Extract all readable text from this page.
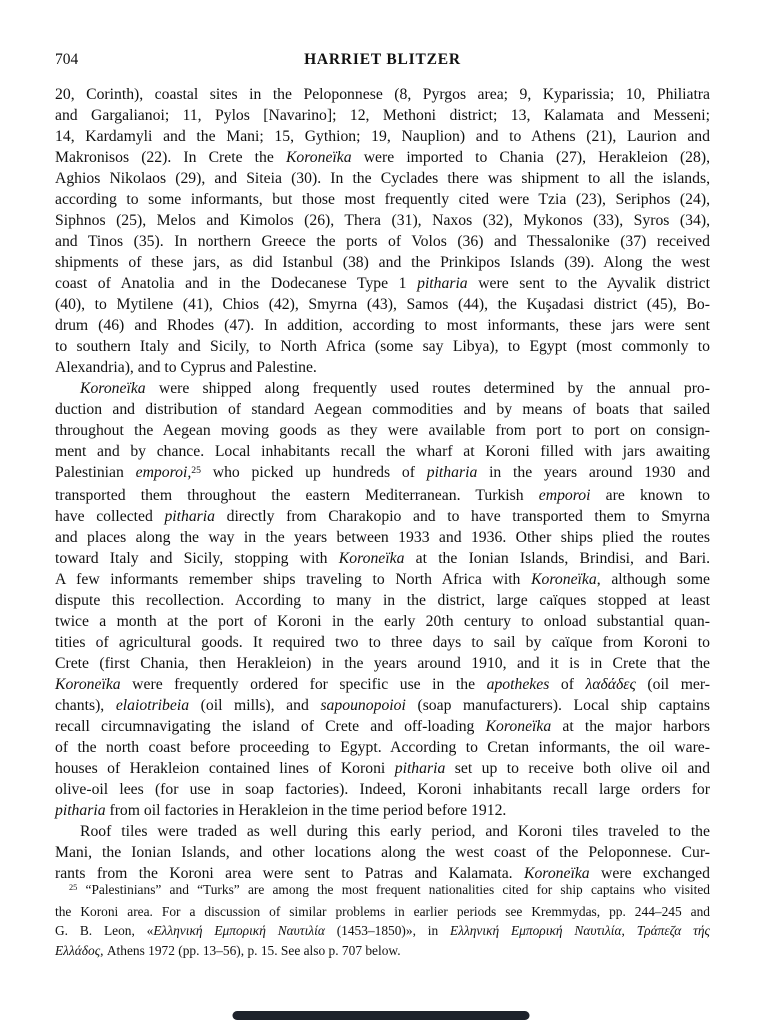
704	HARRIET BLITZER
20, Corinth), coastal sites in the Peloponnese (8, Pyrgos area; 9, Kyparissia; 10, Philiatra
and Gargalianoi; 11, Pylos [Navarino]; 12, Methoni district; 13, Kalamata and Messeni;
14, Kardamyli and the Mani; 15, Gythion; 19, Nauplion) and to Athens (21), Laurion and
Makronisos (22). In Crete the Koroneïka were imported to Chania (27), Herakleion (28),
Aghios Nikolaos (29), and Siteia (30). In the Cyclades there was shipment to all the islands,
according to some informants, but those most frequently cited were Tzia (23), Seriphos (24),
Siphnos (25), Melos and Kimolos (26), Thera (31), Naxos (32), Mykonos (33), Syros (34),
and Tinos (35). In northern Greece the ports of Volos (36) and Thessalonike (37) received
shipments of these jars, as did Istanbul (38) and the Prinkipos Islands (39). Along the west
coast of Anatolia and in the Dodecanese Type 1 pitharia were sent to the Ayvalik district
(40), to Mytilene (41), Chios (42), Smyrna (43), Samos (44), the Kuşadasi district (45), Bo-
drum (46) and Rhodes (47). In addition, according to most informants, these jars were sent
to southern Italy and Sicily, to North Africa (some say Libya), to Egypt (most commonly to
Alexandria), and to Cyprus and Palestine.
Koroneïka were shipped along frequently used routes determined by the annual pro-
duction and distribution of standard Aegean commodities and by means of boats that sailed
throughout the Aegean moving goods as they were available from port to port on consign-
ment and by chance. Local inhabitants recall the wharf at Koroni filled with jars awaiting
Palestinian emporoi,$^{25}$ who picked up hundreds of pitharia in the years around 1930 and
transported them throughout the eastern Mediterranean. Turkish emporoi are known to
have collected pitharia directly from Charakopio and to have transported them to Smyrna
and places along the way in the years between 1933 and 1936. Other ships plied the routes
toward Italy and Sicily, stopping with Koroneïka at the Ionian Islands, Brindisi, and Bari.
A few informants remember ships traveling to North Africa with Koroneïka, although some
dispute this recollection. According to many in the district, large caïques stopped at least
twice a month at the port of Koroni in the early 20th century to onload substantial quan-
tities of agricultural goods. It required two to three days to sail by caïque from Koroni to
Crete (first Chania, then Herakleion) in the years around 1910, and it is in Crete that the
Koroneïka were frequently ordered for specific use in the apothekes of λαδάδες (oil mer-
chants), elaiotribeia (oil mills), and sapounopoioi (soap manufacturers). Local ship captains
recall circumnavigating the island of Crete and off-loading Koroneïka at the major harbors
of the north coast before proceeding to Egypt. According to Cretan informants, the oil ware-
houses of Herakleion contained lines of Koroni pitharia set up to receive both olive oil and
olive-oil lees (for use in soap factories). Indeed, Koroni inhabitants recall large orders for
pitharia from oil factories in Herakleion in the time period before 1912.
Roof tiles were traded as well during this early period, and Koroni tiles traveled to the
Mani, the Ionian Islands, and other locations along the west coast of the Peloponnese. Cur-
rants from the Koroni area were sent to Patras and Kalamata. Koroneïka were exchanged
$^{25}$ “Palestinians” and “Turks” are among the most frequent nationalities cited for ship captains who visited
the Koroni area. For a discussion of similar problems in earlier periods see Kremmydas, pp. 244–245 and
G. B. Leon, «Ελληνική Εμπορική Ναυτιλία (1453–1850)», in Ελληνική Εμπορική Ναυτιλία, Τράπεζα τής
Ελλάδος, Athens 1972 (pp. 13–56), p. 15. See also p. 707 below.
